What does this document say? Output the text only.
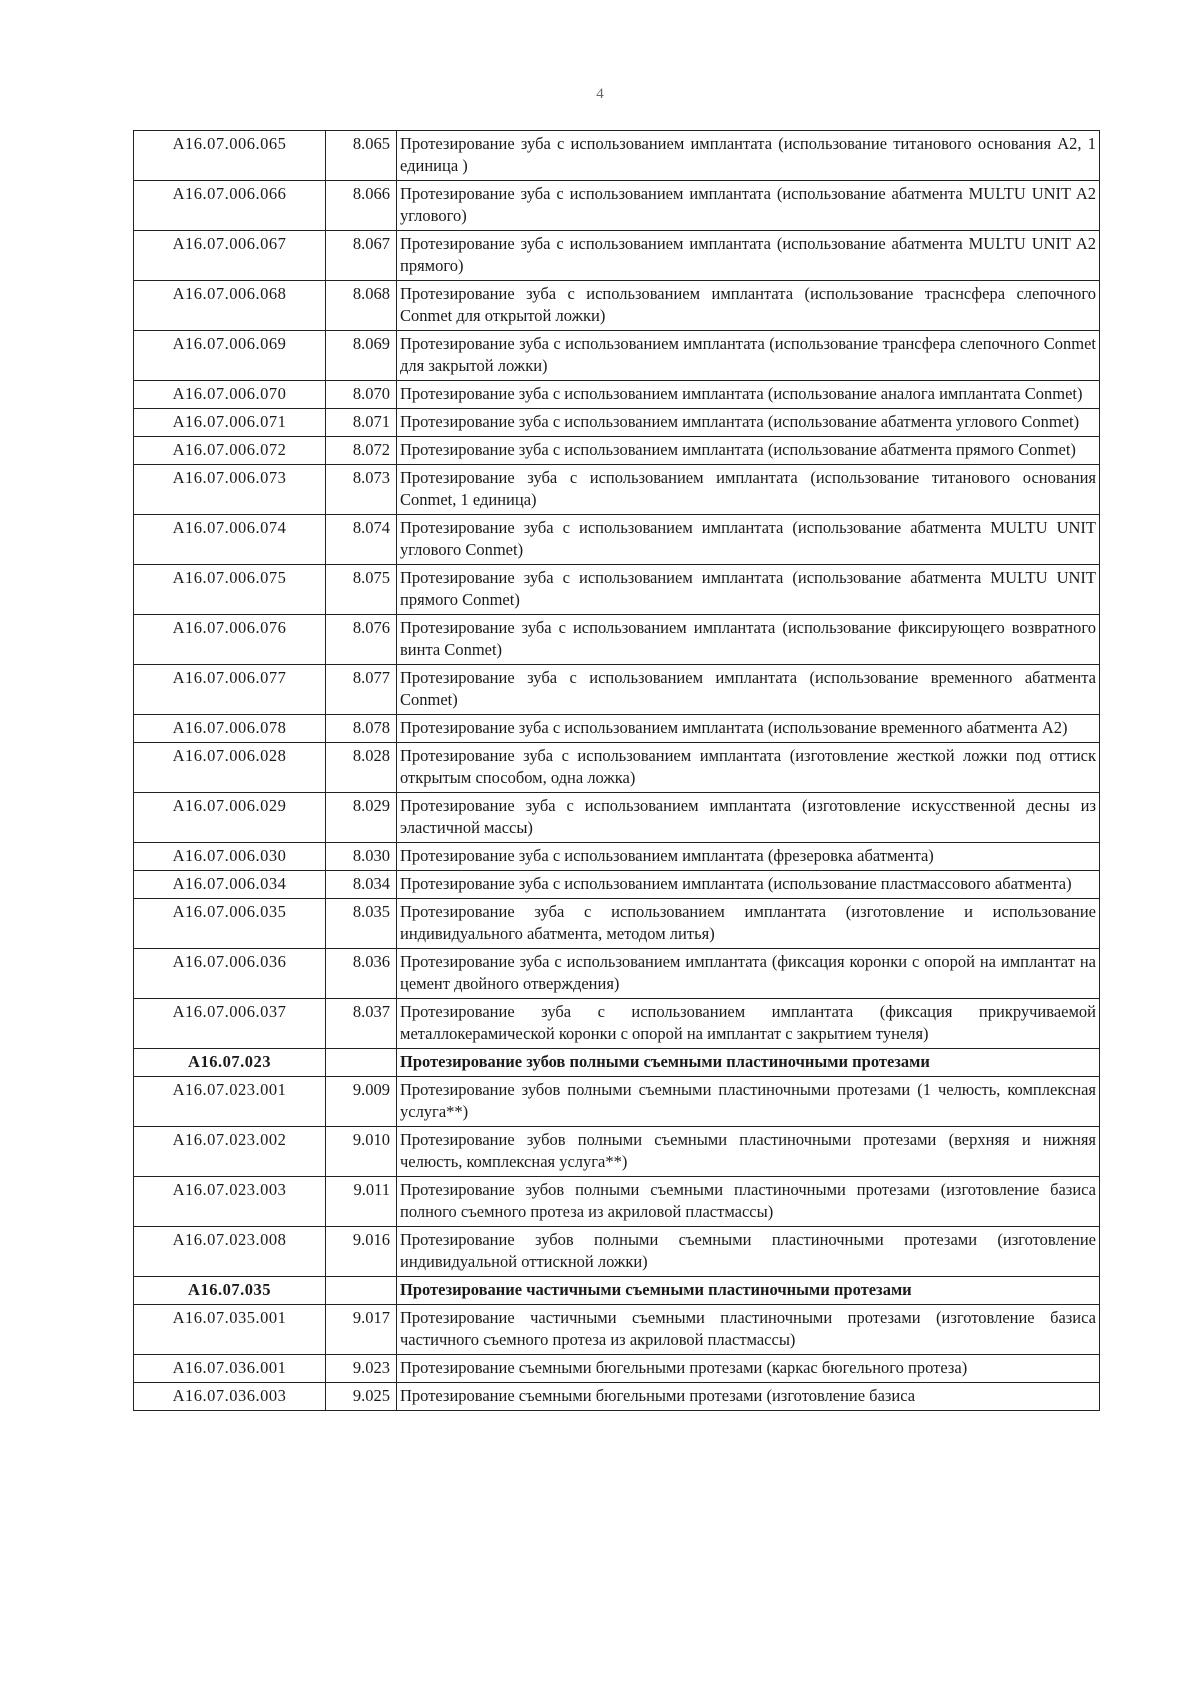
4
A16.07.006.065	8.065	Протезирование зуба с использованием имплантата (использование титанового основания A2, 1 единица )
A16.07.006.066	8.066	Протезирование зуба с использованием имплантата (использование абатмента MULTU UNIT A2 углового)
A16.07.006.067	8.067	Протезирование зуба с использованием имплантата (использование абатмента MULTU UNIT A2 прямого)
A16.07.006.068	8.068	Протезирование зуба с использованием имплантата (использование траснсфера слепочного Conmet для открытой ложки)
A16.07.006.069	8.069	Протезирование зуба с использованием имплантата (использование трансфера слепочного Conmet для закрытой ложки)
A16.07.006.070	8.070	Протезирование зуба с использованием имплантата (использование аналога имплантата Conmet)
A16.07.006.071	8.071	Протезирование зуба с использованием имплантата (использование абатмента углового Conmet)
A16.07.006.072	8.072	Протезирование зуба с использованием имплантата (использование абатмента прямого Conmet)
A16.07.006.073	8.073	Протезирование зуба с использованием имплантата (использование титанового основания Conmet, 1 единица)
A16.07.006.074	8.074	Протезирование зуба с использованием имплантата (использование абатмента MULTU UNIT углового Conmet)
A16.07.006.075	8.075	Протезирование зуба с использованием имплантата (использование абатмента MULTU UNIT прямого Conmet)
A16.07.006.076	8.076	Протезирование зуба с использованием имплантата (использование фиксирующего возвратного винта Conmet)
A16.07.006.077	8.077	Протезирование зуба с использованием имплантата (использование временного абатмента Conmet)
A16.07.006.078	8.078	Протезирование зуба с использованием имплантата (использование временного абатмента A2)
A16.07.006.028	8.028	Протезирование зуба с использованием имплантата (изготовление жесткой ложки под оттиск открытым способом, одна ложка)
A16.07.006.029	8.029	Протезирование зуба с использованием имплантата (изготовление искусственной десны из эластичной массы)
A16.07.006.030	8.030	Протезирование зуба с использованием имплантата (фрезеровка абатмента)
A16.07.006.034	8.034	Протезирование зуба с использованием имплантата (использование пластмассового абатмента)
A16.07.006.035	8.035	Протезирование зуба с использованием имплантата (изготовление и использование индивидуального абатмента, методом литья)
A16.07.006.036	8.036	Протезирование зуба с использованием имплантата (фиксация коронки с опорой на имплантат на цемент двойного отверждения)
A16.07.006.037	8.037	Протезирование зуба с использованием имплантата (фиксация прикручиваемой металлокерамической коронки с опорой на имплантат с закрытием тунеля)
A16.07.023		Протезирование зубов полными съемными пластиночными протезами
A16.07.023.001	9.009	Протезирование зубов полными съемными пластиночными протезами (1 челюсть, комплексная услуга**)
A16.07.023.002	9.010	Протезирование зубов полными съемными пластиночными протезами (верхняя и нижняя челюсть, комплексная услуга**)
A16.07.023.003	9.011	Протезирование зубов полными съемными пластиночными протезами (изготовление базиса полного съемного протеза из акриловой пластмассы)
A16.07.023.008	9.016	Протезирование зубов полными съемными пластиночными протезами (изготовление индивидуальной оттискной ложки)
A16.07.035		Протезирование частичными съемными пластиночными протезами
A16.07.035.001	9.017	Протезирование частичными съемными пластиночными протезами (изготовление базиса частичного съемного протеза из акриловой пластмассы)
A16.07.036.001	9.023	Протезирование съемными бюгельными протезами (каркас бюгельного протеза)
A16.07.036.003	9.025	Протезирование съемными бюгельными протезами (изготовление базиса
